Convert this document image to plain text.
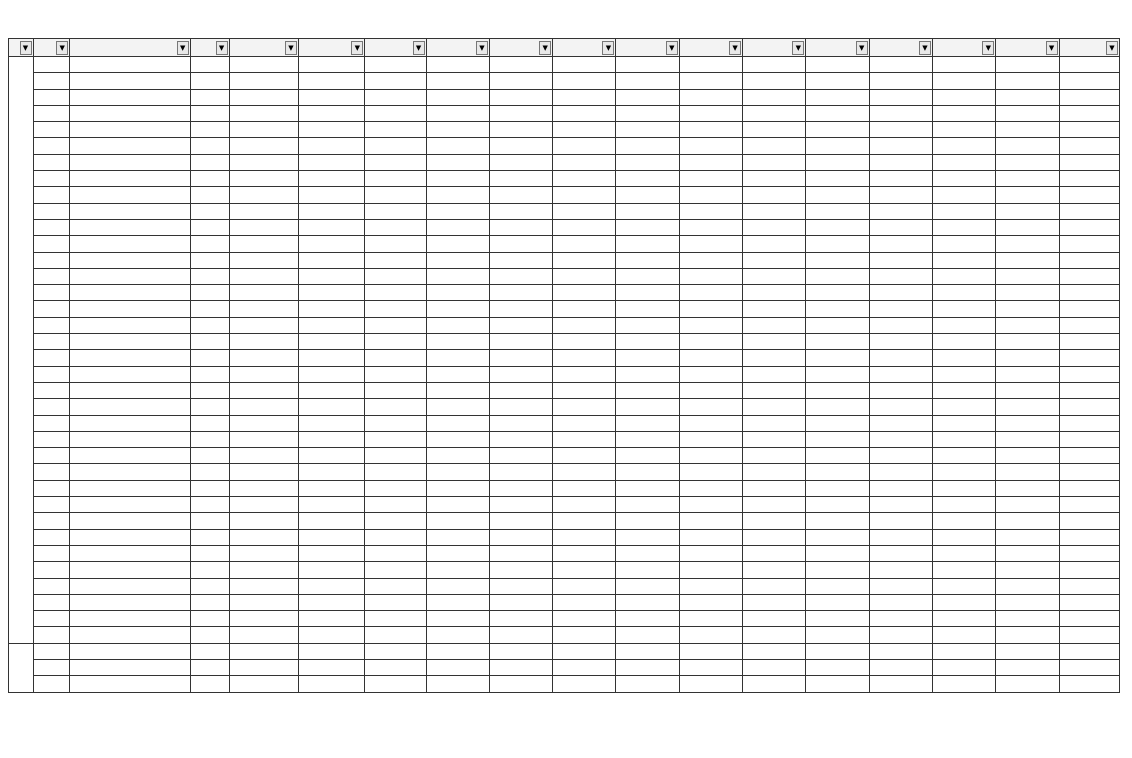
▼	▼	▼	▼	▼	▼	▼	▼	▼	▼	▼	▼	▼	▼	▼	▼	▼	▼
